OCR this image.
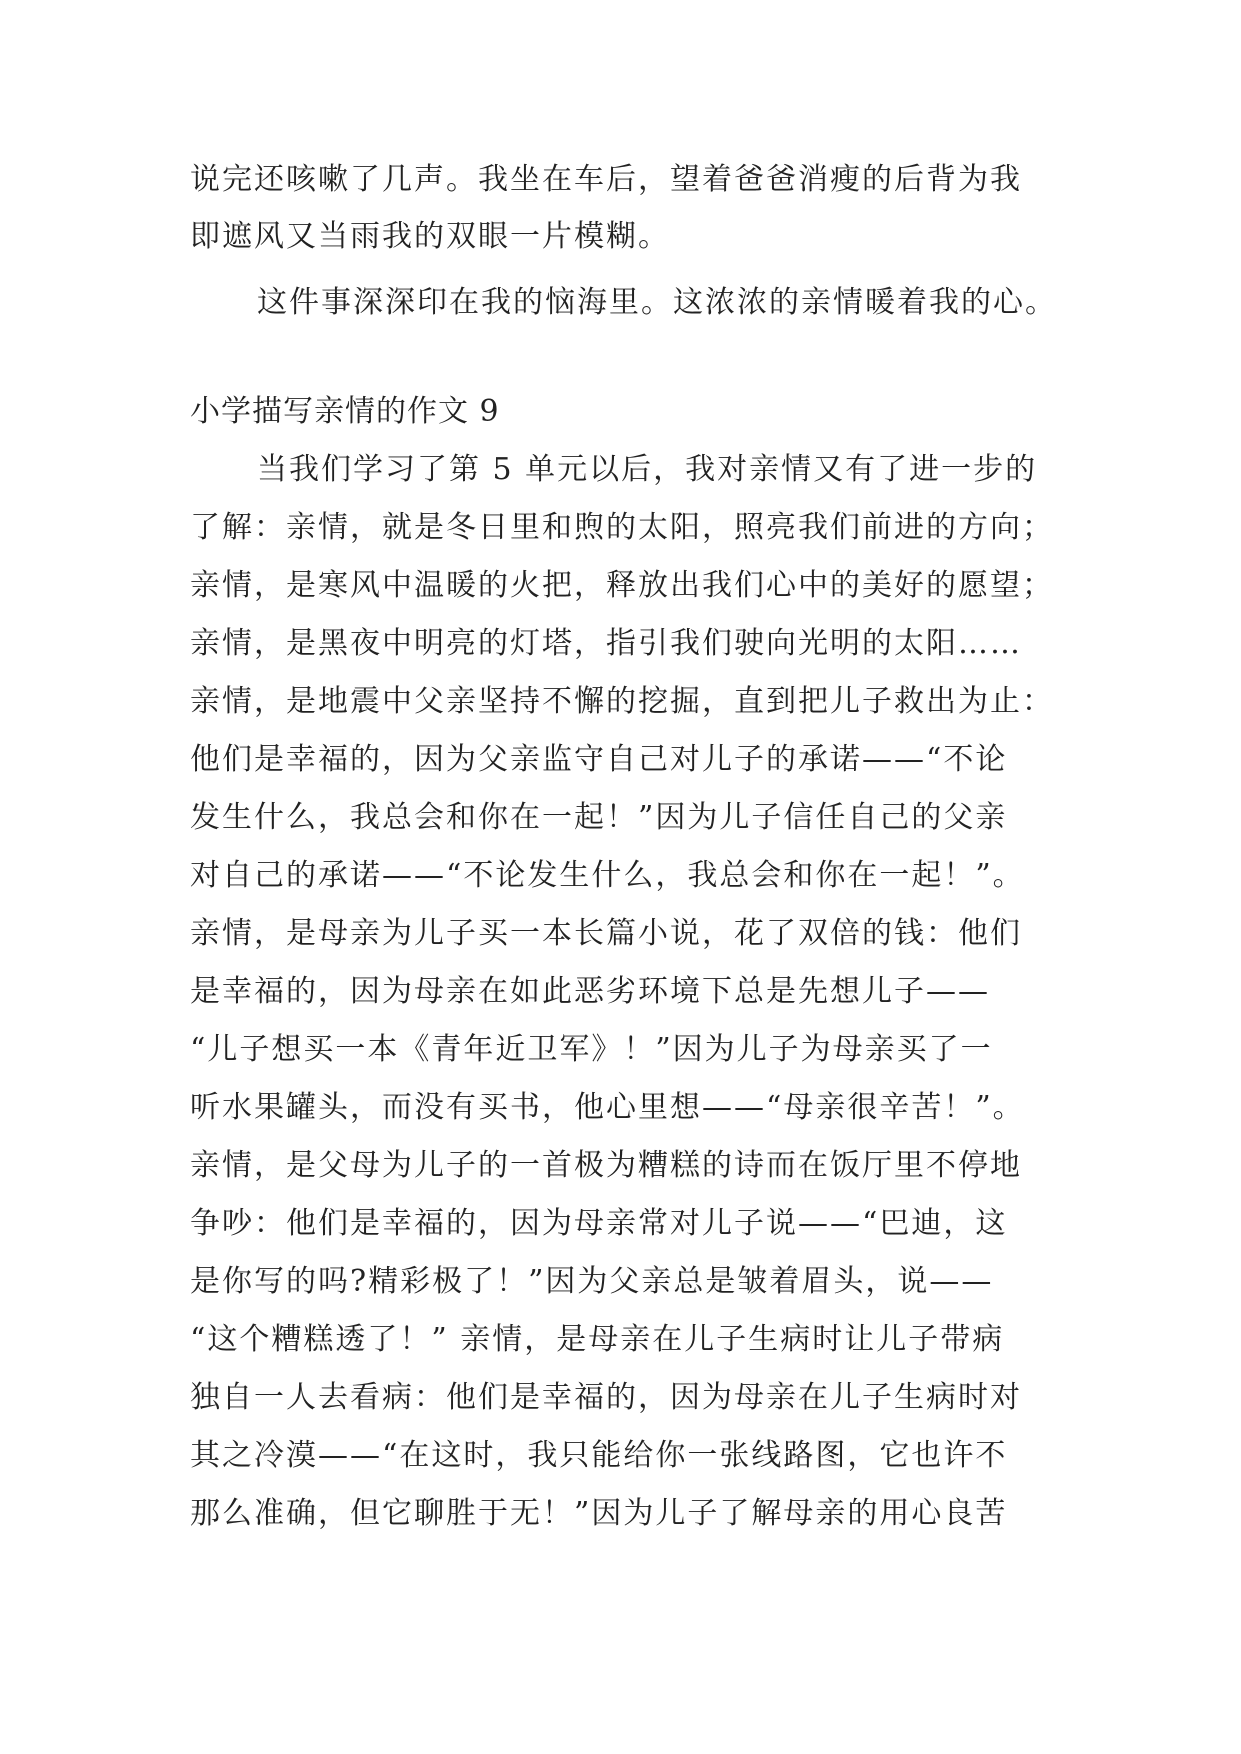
说完还咳嗽了几声。我坐在车后，望着爸爸消瘦的后背为我
即遮风又当雨我的双眼一片模糊。
这件事深深印在我的恼海里。这浓浓的亲情暖着我的心。
小学描写亲情的作文 9
当我们学习了第 5 单元以后，我对亲情又有了进一步的
了解：亲情，就是冬日里和煦的太阳，照亮我们前进的方向；
亲情，是寒风中温暖的火把，释放出我们心中的美好的愿望；
亲情，是黑夜中明亮的灯塔，指引我们驶向光明的太阳……
亲情，是地震中父亲坚持不懈的挖掘，直到把儿子救出为止：
他们是幸福的，因为父亲监守自己对儿子的承诺——“不论
发生什么，我总会和你在一起！”因为儿子信任自己的父亲
对自己的承诺——“不论发生什么，我总会和你在一起！”。
亲情，是母亲为儿子买一本长篇小说，花了双倍的钱：他们
是幸福的，因为母亲在如此恶劣环境下总是先想儿子——
“儿子想买一本《青年近卫军》！”因为儿子为母亲买了一
听水果罐头，而没有买书，他心里想——“母亲很辛苦！”。
亲情，是父母为儿子的一首极为糟糕的诗而在饭厅里不停地
争吵：他们是幸福的，因为母亲常对儿子说——“巴迪，这
是你写的吗?精彩极了！”因为父亲总是皱着眉头，说——
“这个糟糕透了！” 亲情，是母亲在儿子生病时让儿子带病
独自一人去看病：他们是幸福的，因为母亲在儿子生病时对
其之冷漠——“在这时，我只能给你一张线路图，它也许不
那么准确，但它聊胜于无！”因为儿子了解母亲的用心良苦
